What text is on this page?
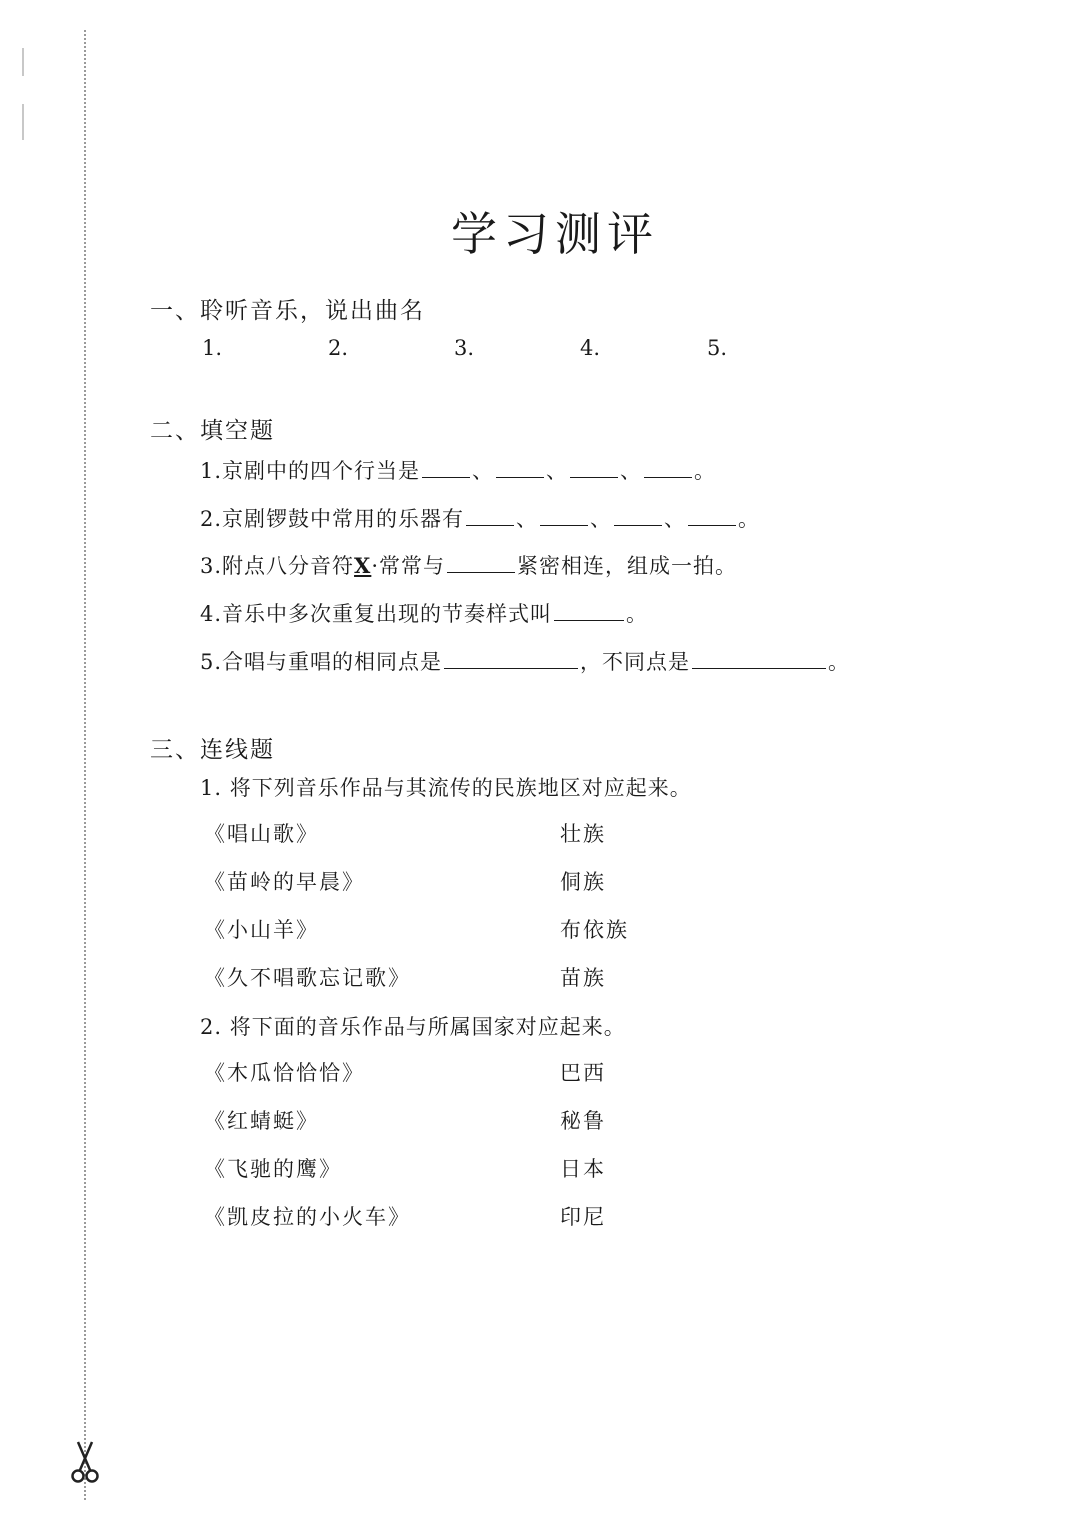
学习测评
一、聆听音乐，说出曲名
1.	2.	3.	4.	5.
二、填空题
1.京剧中的四个行当是 、 、 、 。
2.京剧锣鼓中常用的乐器有 、 、 、 。
3.附点八分音符X·常常与	紧密相连，组成一拍。
4.音乐中多次重复出现的节奏样式叫	。
5.合唱与重唱的相同点是	，不同点是	。
三、连线题
1. 将下列音乐作品与其流传的民族地区对应起来。
《唱山歌》	壮族
《苗岭的早晨》	侗族
《小山羊》	布依族
《久不唱歌忘记歌》	苗族
2. 将下面的音乐作品与所属国家对应起来。
《木瓜恰恰恰》	巴西
《红蜻蜓》	秘鲁
《飞驰的鹰》	日本
《凯皮拉的小火车》	印尼
